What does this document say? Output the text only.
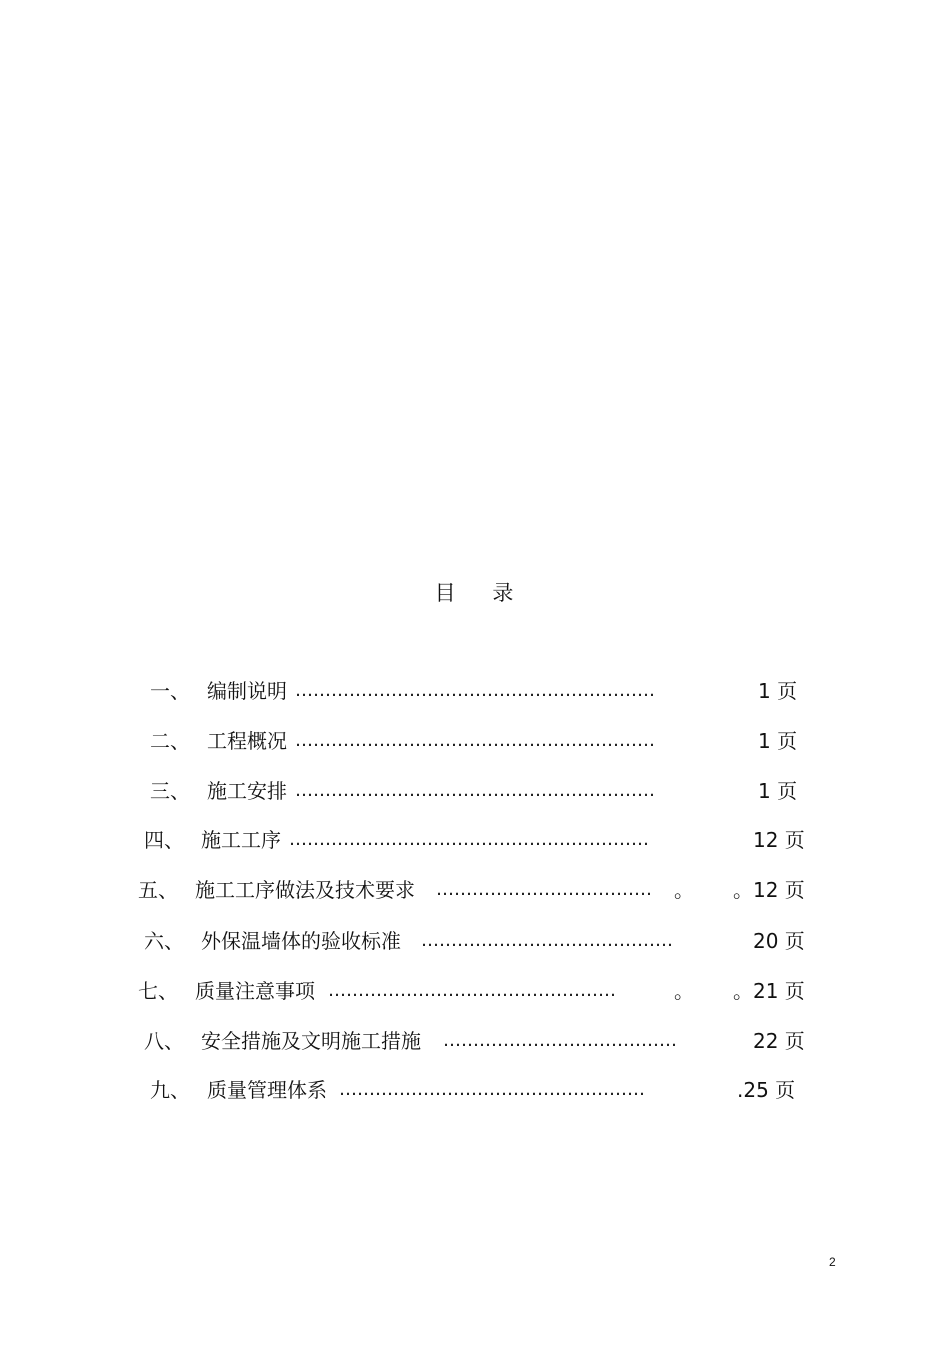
目    录
一、 编制说明 ……………………………………………………	1 页
二、 工程概况 ……………………………………………………	1 页
三、 施工安排 ……………………………………………………	1 页
四、 施工工序 ……………………………………………………	12 页
五、 施工工序做法及技术要求 ………………………………	。 。12 页
六、 外保温墙体的验收标准 ……………………………………	20 页
七、 质量注意事项 …………………………………………	。 。21 页
八、 安全措施及文明施工措施 …………………………………	22 页
九、 质量管理体系 ……………………………………………	.25 页
2
